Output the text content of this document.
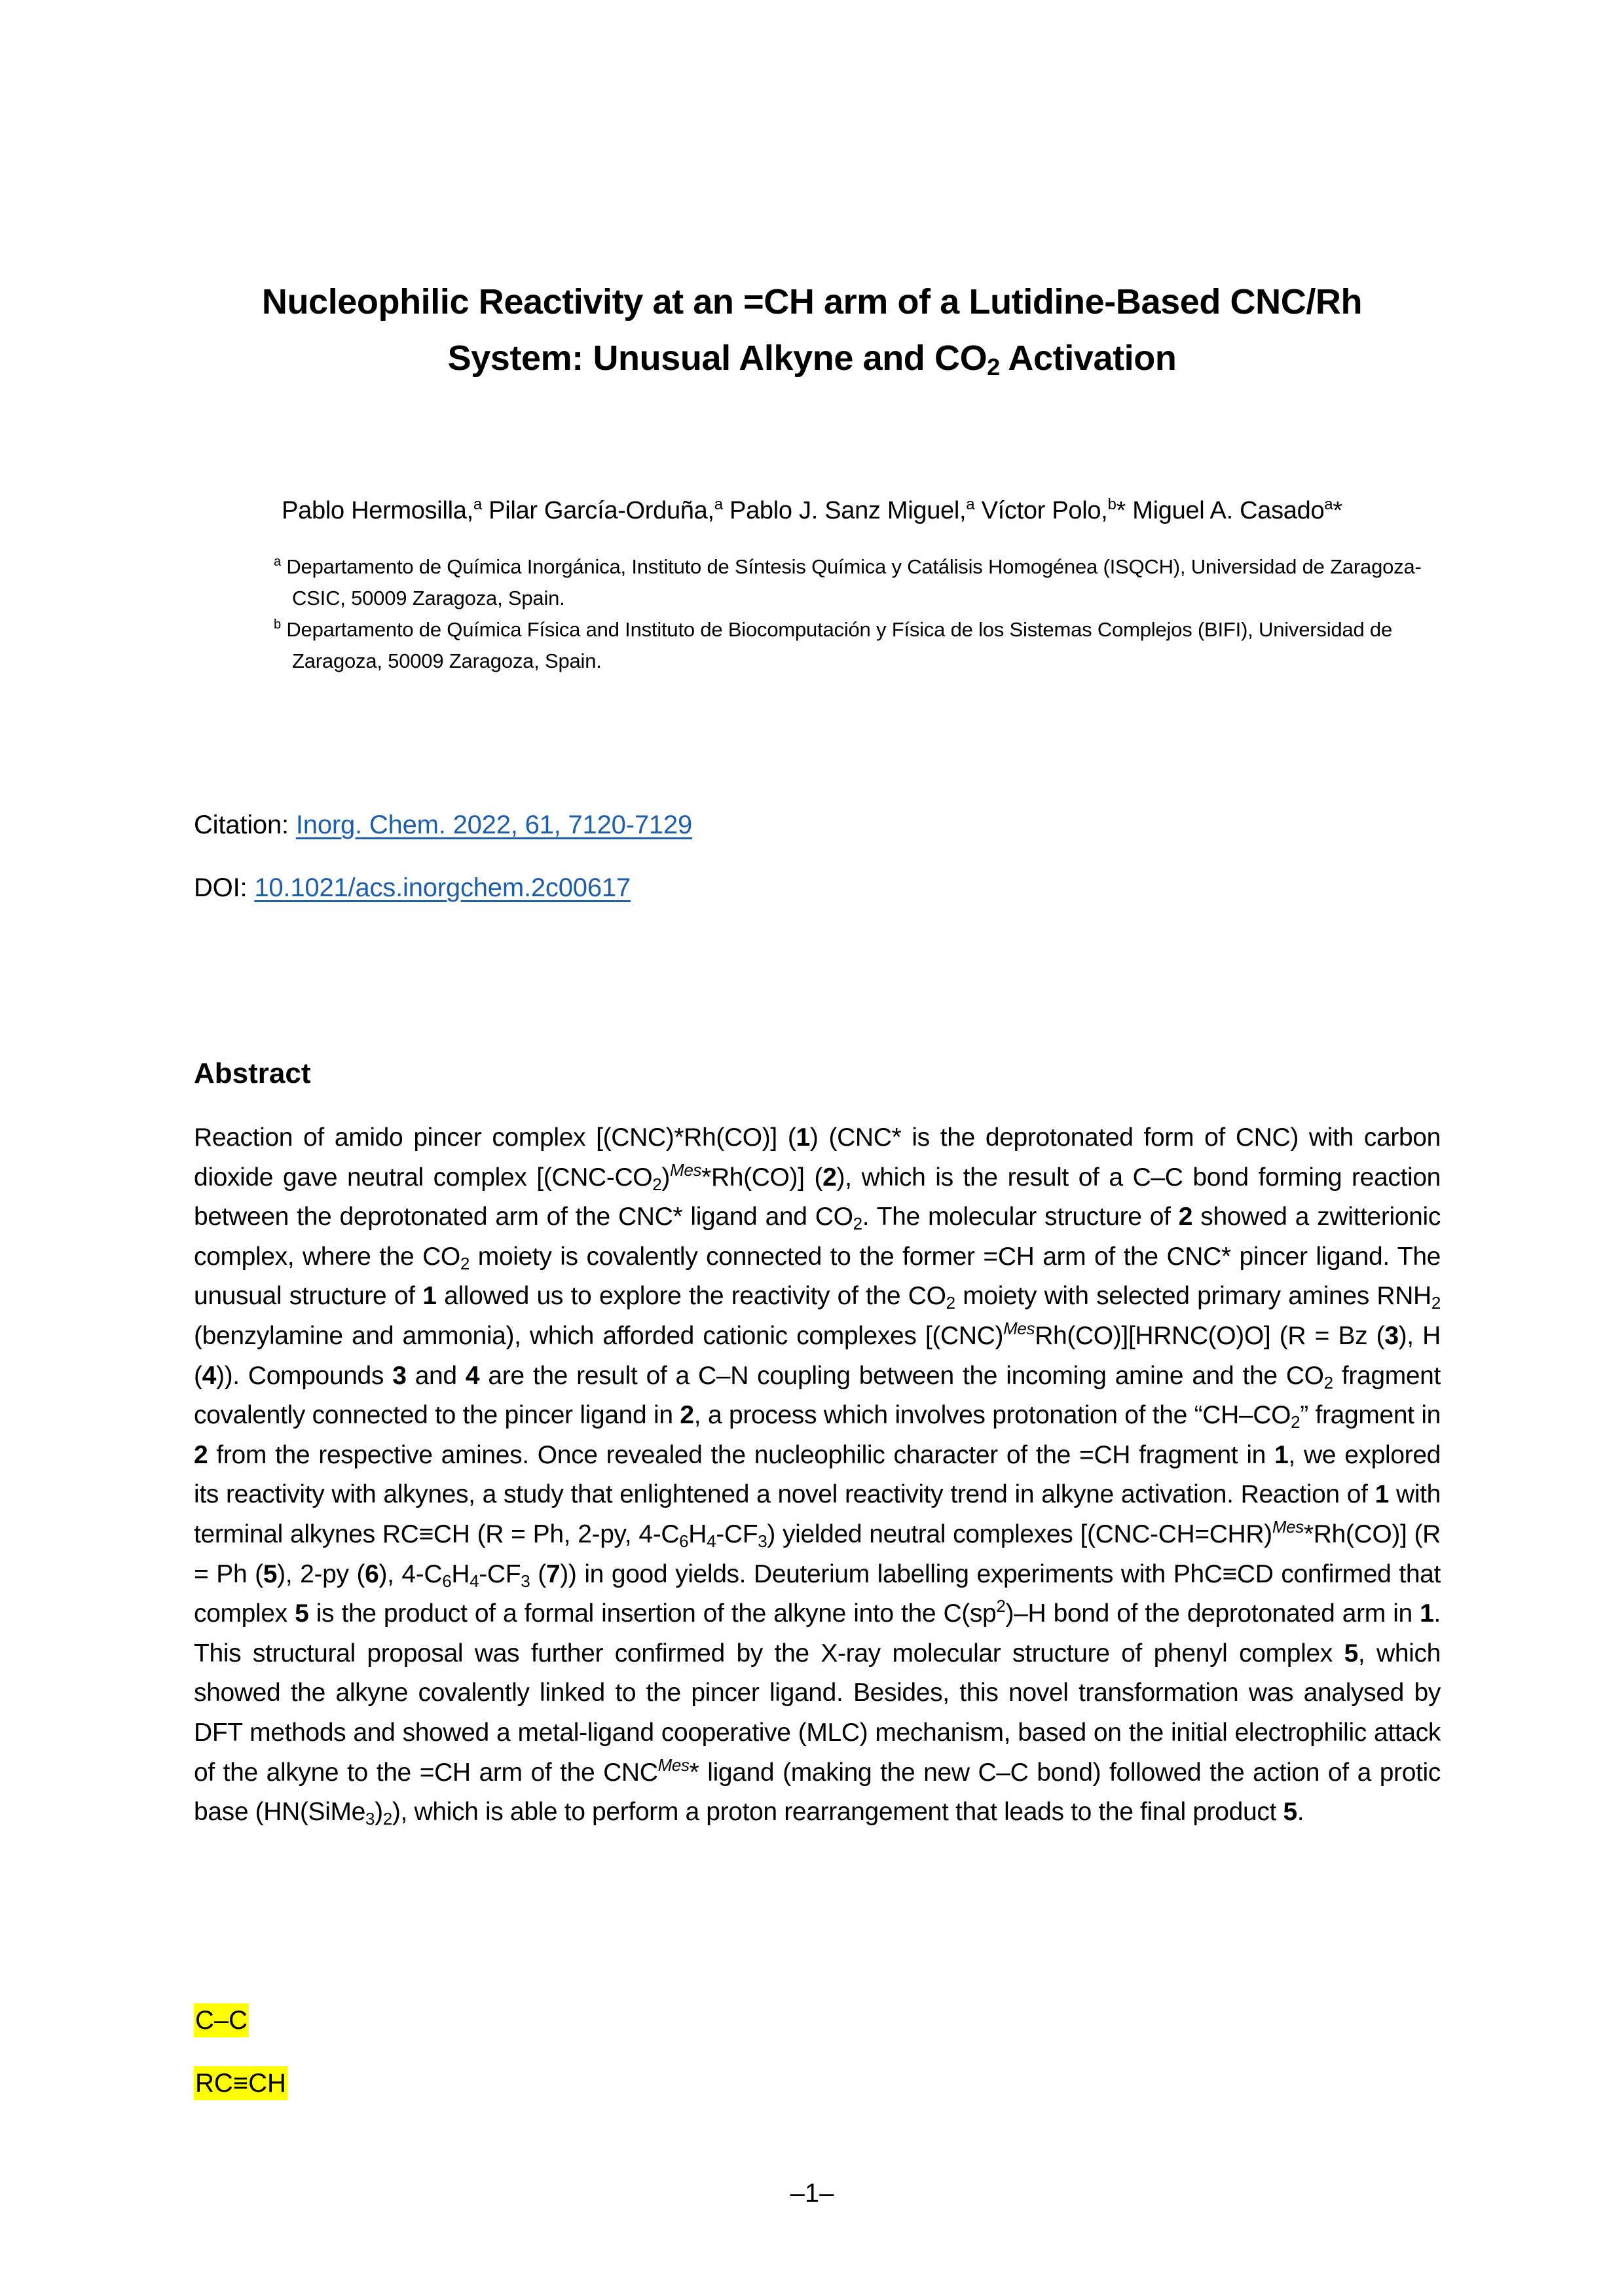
Nucleophilic Reactivity at an =CH arm of a Lutidine-Based CNC/Rh
System: Unusual Alkyne and $CO_2$ Activation
Pablo Hermosilla,$^a$ Pilar García-Orduña,$^a$ Pablo J. Sanz Miguel,$^a$ Víctor Polo,$^b$* Miguel A. Casado$^a$*
$^a$ Departamento de Química Inorgánica, Instituto de Síntesis Química y Catálisis Homogénea (ISQCH), Universidad de Zaragoza-CSIC, 50009 Zaragoza, Spain.
$^b$ Departamento de Química Física and Instituto de Biocomputación y Física de los Sistemas Complejos (BIFI), Universidad de Zaragoza, 50009 Zaragoza, Spain.
Citation: Inorg. Chem. 2022, 61, 7120-7129
DOI: 10.1021/acs.inorgchem.2c00617
Abstract
Reaction of amido pincer complex [(CNC)*Rh(CO)] (1) (CNC* is the deprotonated form of CNC) with carbon dioxide gave neutral complex $[(CNC-CO_2)^{Mes}*Rh(CO)]$ (2), which is the result of a C–C bond forming reaction between the deprotonated arm of the CNC* ligand and $CO_2$. The molecular structure of 2 showed a zwitterionic complex, where the $CO_2$ moiety is covalently connected to the former =CH arm of the CNC* pincer ligand. The unusual structure of 1 allowed us to explore the reactivity of the $CO_2$ moiety with selected primary amines $RNH_2$ (benzylamine and ammonia), which afforded cationic complexes [(CNC)$^{Mes}$Rh(CO)][HRNC(O)O] (R = Bz (3), H (4)). Compounds 3 and 4 are the result of a C–N coupling between the incoming amine and the $CO_2$ fragment covalently connected to the pincer ligand in 2, a process which involves protonation of the “$CH-CO_2$” fragment in 2 from the respective amines. Once revealed the nucleophilic character of the =CH fragment in 1, we explored its reactivity with alkynes, a study that enlightened a novel reactivity trend in alkyne activation. Reaction of 1 with terminal alkynes RC≡CH (R = Ph, 2-py, $4-C_6H_4-CF_3$) yielded neutral complexes [(CNC-CH=CHR)$^{Mes}$*Rh(CO)] (R = Ph (5), 2-py (6), $4-C_6H_4-CF_3$ (7)) in good yields. Deuterium labelling experiments with PhC≡CD confirmed that complex 5 is the product of a formal insertion of the alkyne into the $C(sp^2)-H$ bond of the deprotonated arm in 1. This structural proposal was further confirmed by the X-ray molecular structure of phenyl complex 5, which showed the alkyne covalently linked to the pincer ligand. Besides, this novel transformation was analysed by DFT methods and showed a metal-ligand cooperative (MLC) mechanism, based on the initial electrophilic attack of the alkyne to the =CH arm of the $CNC^{Mes}*$ ligand (making the new C–C bond) followed the action of a protic base $(HN(SiMe_3)_2)$, which is able to perform a proton rearrangement that leads to the final product 5.
C–C
RC≡CH
–1–
